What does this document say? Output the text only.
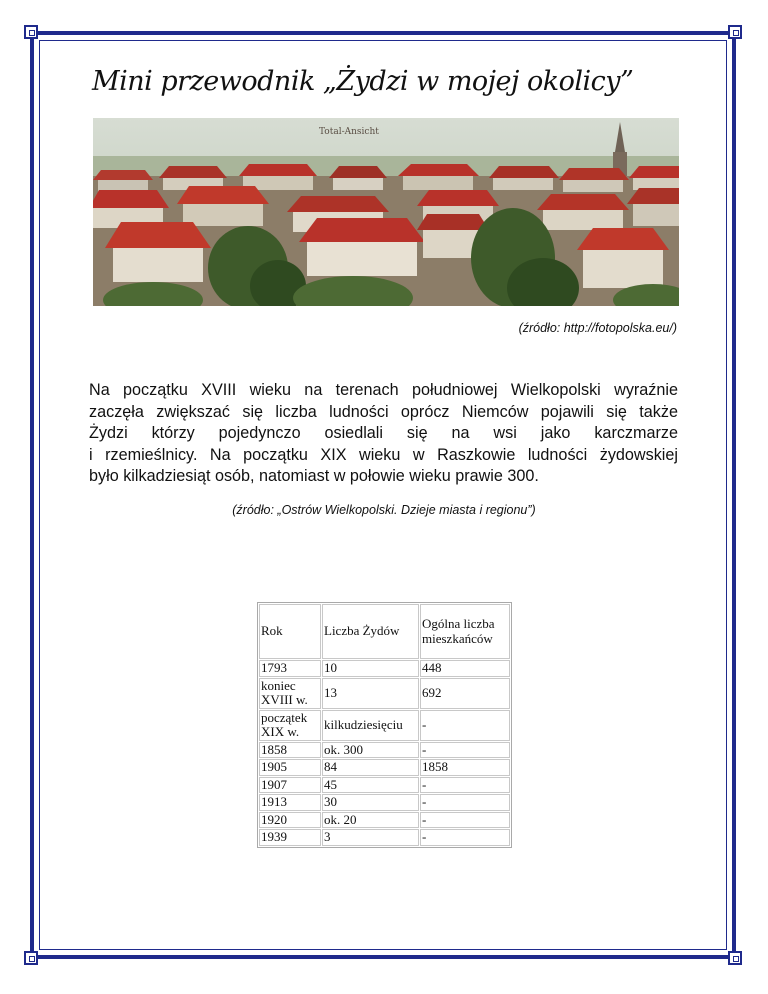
Mini przewodnik „Żydzi w mojej okolicy”
Total-Ansicht
(źródło: http://fotopolska.eu/)

Na początku XVIII wieku na terenach południowej Wielkopolski wyraźnie
zaczęła zwiększać się liczba ludności oprócz Niemców pojawili się także
Żydzi którzy pojedynczo osiedlali się na wsi jako karczmarze
i rzemieślnicy. Na początku XIX wieku w Raszkowie ludności żydowskiej
było kilkadziesiąt osób, natomiast w połowie wieku prawie 300.

(źródło: „Ostrów Wielkopolski. Dzieje miasta i regionu”)
Rok	Liczba Żydów	Ogólna liczba mieszkańców
1793	10	448
koniec XVIII w.	13	692
początek XIX w.	kilkudziesięciu	-
1858	ok. 300	-
1905	84	1858
1907	45	-
1913	30	-
1920	ok. 20	-
1939	3	-
